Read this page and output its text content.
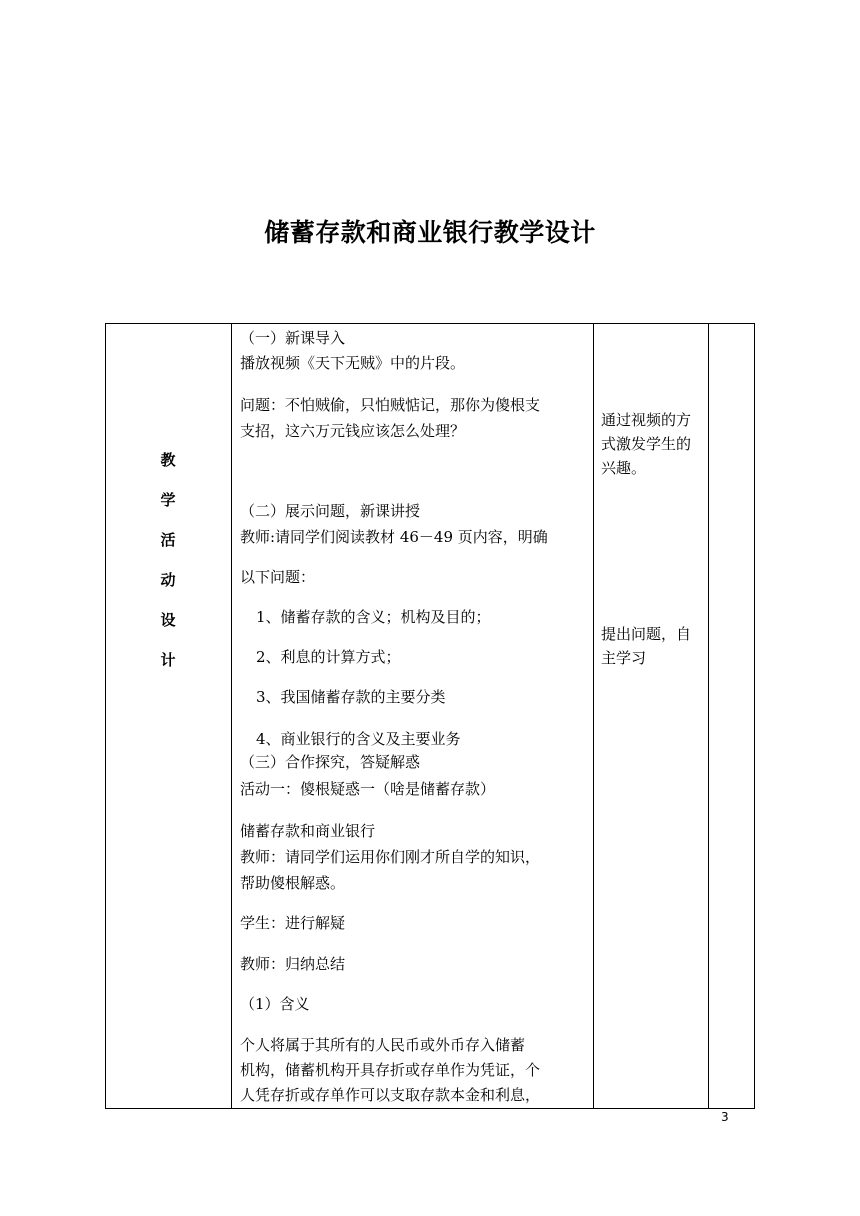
储蓄存款和商业银行教学设计
教
学
活
动
设
计
（一）新课导入
播放视频《天下无贼》中的片段。
问题：不怕贼偷，只怕贼惦记，那你为傻根支
支招，这六万元钱应该怎么处理？
（二）展示问题，新课讲授
教师:请同学们阅读教材 46－49 页内容，明确
以下问题：
1、储蓄存款的含义；机构及目的；
2、利息的计算方式；
3、我国储蓄存款的主要分类
4、商业银行的含义及主要业务
（三）合作探究，答疑解惑
活动一：傻根疑惑一（啥是储蓄存款）
储蓄存款和商业银行
教师：请同学们运用你们刚才所自学的知识，
帮助傻根解惑。
学生：进行解疑
教师：归纳总结
（1）含义
个人将属于其所有的人民币或外币存入储蓄
机构，储蓄机构开具存折或存单作为凭证，个
人凭存折或存单作可以支取存款本金和利息，
通过视频的方式激发学生的兴趣。
提出问题，自主学习
3
